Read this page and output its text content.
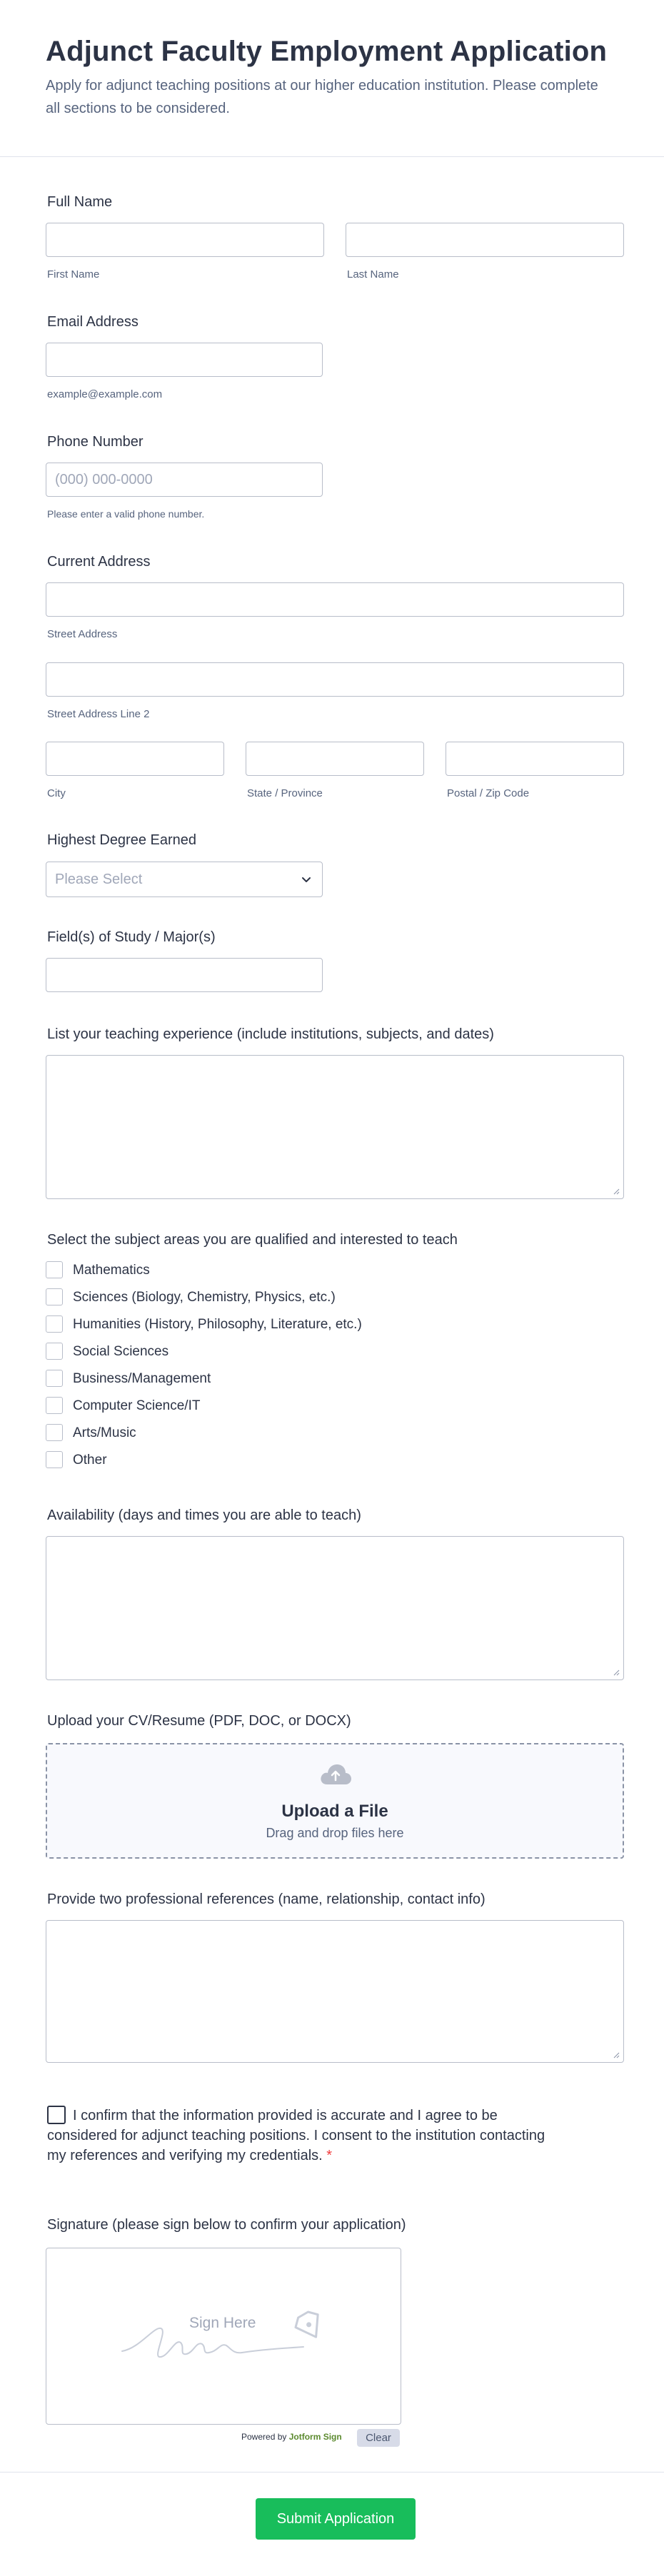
Adjunct Faculty Employment Application

Apply for adjunct teaching positions at our higher education institution. Please complete all sections to be considered.

Full Name
First Name	Last Name
Email Address
example@example.com
Phone Number
(000) 000-0000
Please enter a valid phone number.
Current Address
Street Address
Street Address Line 2
City	State / Province	Postal / Zip Code
Highest Degree Earned
Please Select
Field(s) of Study / Major(s)
List your teaching experience (include institutions, subjects, and dates)
Select the subject areas you are qualified and interested to teach
Mathematics
Sciences (Biology, Chemistry, Physics, etc.)
Humanities (History, Philosophy, Literature, etc.)
Social Sciences
Business/Management
Computer Science/IT
Arts/Music
Other
Availability (days and times you are able to teach)
Upload your CV/Resume (PDF, DOC, or DOCX)
Upload a File
Drag and drop files here
Provide two professional references (name, relationship, contact info)

I confirm that the information provided is accurate and I agree to be considered for adjunct teaching positions. I consent to the institution contacting my references and verifying my credentials. *

Signature (please sign below to confirm your application)
Sign Here
Powered by Jotform Sign	Clear
Submit Application
